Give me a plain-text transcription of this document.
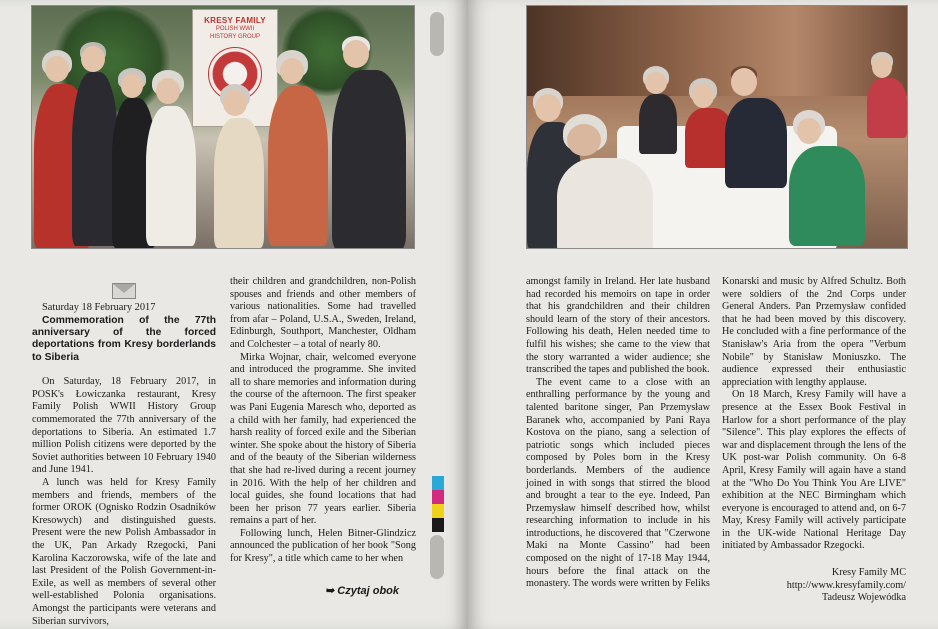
KRESY FAMILY
POLISH WWII
HISTORY GROUP

Saturday 18 February 2017

Commemoration of the 77th anniversary of the forced deportations from Kresy borderlands to Siberia

On Saturday, 18 February 2017, in POSK's Łowiczanka restaurant, Kresy Family Polish WWII History Group commemorated the 77th anniversary of the deportations to Siberia. An estimated 1.7 million Polish citizens were deported by the Soviet authorities between 10 February 1940 and June 1941.

A lunch was held for Kresy Family members and friends, members of the former OROK (Ognisko Rodzin Osadników Kresowych) and distinguished guests. Present were the new Polish Ambassador in the UK, Pan Arkady Rzegocki, Pani Karolina Kaczorowska, wife of the late and last President of the Polish Government-in-Exile, as well as members of several other well-established Polonia organisations. Amongst the participants were veterans and Siberian survivors,

their children and grandchildren, non-Polish spouses and friends and other members of various nationalities. Some had travelled from afar – Poland, U.S.A., Sweden, Ireland, Edinburgh, Southport, Manchester, Oldham and Colchester – a total of nearly 80.

Mirka Wojnar, chair, welcomed everyone and introduced the programme. She invited all to share memories and information during the course of the afternoon. The first speaker was Pani Eugenia Maresch who, deported as a child with her family, had experienced the harsh reality of forced exile and the Siberian winter. She spoke about the history of Siberia and of the beauty of the Siberian wilderness that she had re-lived during a recent journey in 2016. With the help of her children and local guides, she found locations that had been her prison 77 years earlier. Siberia remains a part of her.

Following lunch, Helen Bitner-Glindzicz announced the publication of her book "Song for Kresy", a title which came to her when

➥ Czytaj obok

amongst family in Ireland. Her late husband had recorded his memoirs on tape in order that his grandchildren and their children should learn of the story of their ancestors. Following his death, Helen needed time to fulfil his wishes; she came to the view that the story warranted a wider audience; she transcribed the tapes and published the book.

The event came to a close with an enthralling performance by the young and talented baritone singer, Pan Przemysław Baranek who, accompanied by Pani Raya Kostova on the piano, sang a selection of patriotic songs which included pieces composed by Poles born in the Kresy borderlands. Members of the audience joined in with songs that stirred the blood and brought a tear to the eye. Indeed, Pan Przemysław himself described how, whilst researching information to include in his introductions, he discovered that "Czerwone Maki na Monte Cassino" had been composed on the night of 17-18 May 1944, hours before the final attack on the monastery. The words were written by Feliks

Konarski and music by Alfred Schultz. Both were soldiers of the 2nd Corps under General Anders. Pan Przemysław confided that he had been moved by this discovery. He concluded with a fine performance of the Stanisław's Aria from the opera "Verbum Nobile" by Stanisław Moniuszko. The audience expressed their enthusiastic appreciation with lengthy applause.

On 18 March, Kresy Family will have a presence at the Essex Book Festival in Harlow for a short performance of the play "Silence". This play explores the effects of war and displacement through the lens of the UK post-war Polish community. On 6-8 April, Kresy Family will again have a stand at the "Who Do You Think You Are LIVE" exhibition at the NEC Birmingham which everyone is encouraged to attend and, on 6-7 May, Kresy Family will actively participate in the UK-wide National Heritage Day initiated by Ambassador Rzegocki.

Kresy Family MC
http://www.kresyfamily.com/
Tadeusz Wojewódka
